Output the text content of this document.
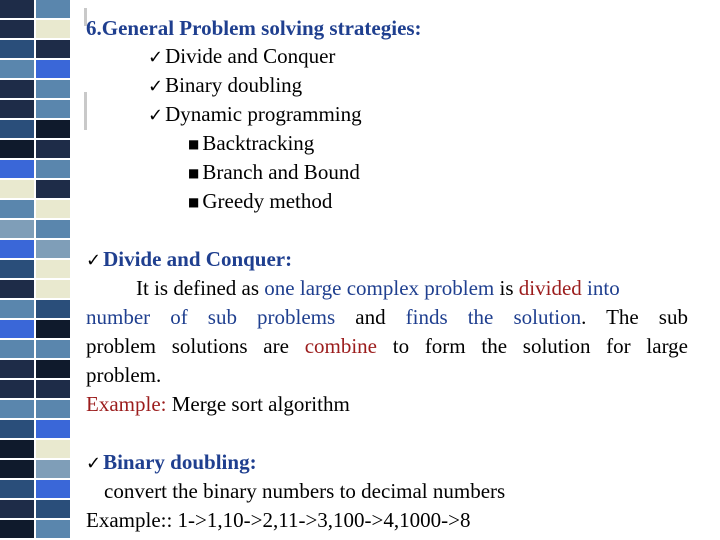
6.General Problem solving strategies:
✓Divide and Conquer
✓Binary doubling
✓Dynamic programming
■ Backtracking
■ Branch and Bound
■ Greedy method
✓Divide and Conquer:
It is defined as one large complex problem is divided into
number of sub problems and finds the solution. The sub
problem solutions are combine to form the solution for large
problem.
Example: Merge sort algorithm
✓Binary doubling:
convert the binary numbers to decimal numbers
Example:: 1->1,10->2,11->3,100->4,1000->8
